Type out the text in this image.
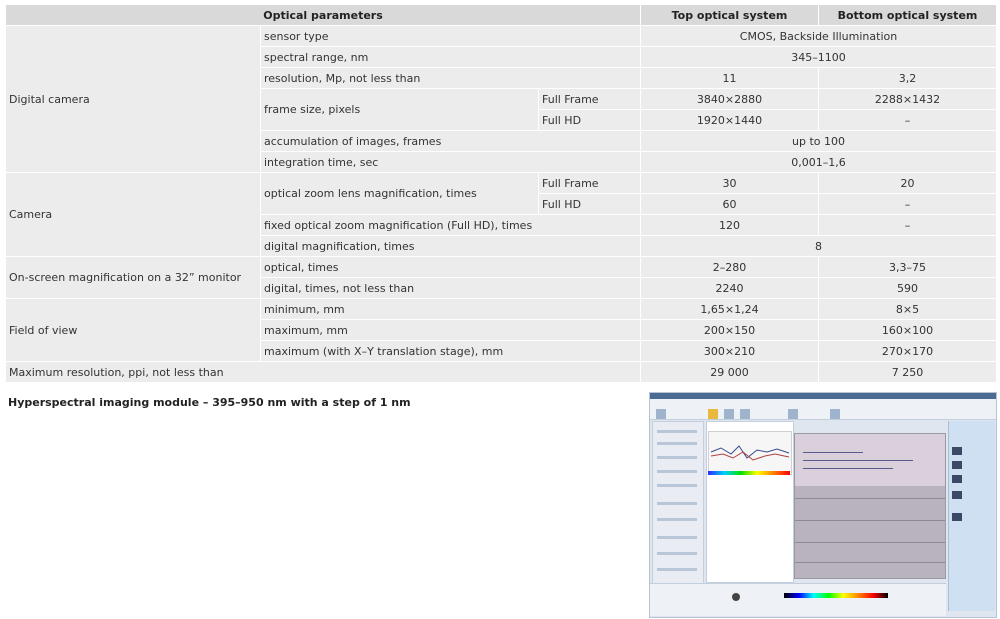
Optical parameters			Top optical system	Bottom optical system
Digital camera	sensor type		CMOS, Backside Illumination	
	spectral range, nm		345–1100	
	resolution, Mp, not less than		11	3,2
	frame size, pixels	Full Frame	3840×2880	2288×1432
		Full HD	1920×1440	–
	accumulation of images, frames		up to 100	
	integration time, sec		0,001–1,6	
Camera	optical zoom lens magnification, times	Full Frame	30	20
		Full HD	60	–
	fixed optical zoom magnification (Full HD), times		120	–
	digital magnification, times		8	
On-screen magnification on a 32” monitor	optical, times		2–280	3,3–75
	digital, times, not less than		2240	590
Field of view	minimum, mm		1,65×1,24	8×5
	maximum, mm		200×150	160×100
	maximum (with X–Y translation stage), mm		300×210	270×170
Maximum resolution, ppi, not less than			29 000	7 250
Hyperspectral imaging module – 395–950 nm with a step of 1 nm
